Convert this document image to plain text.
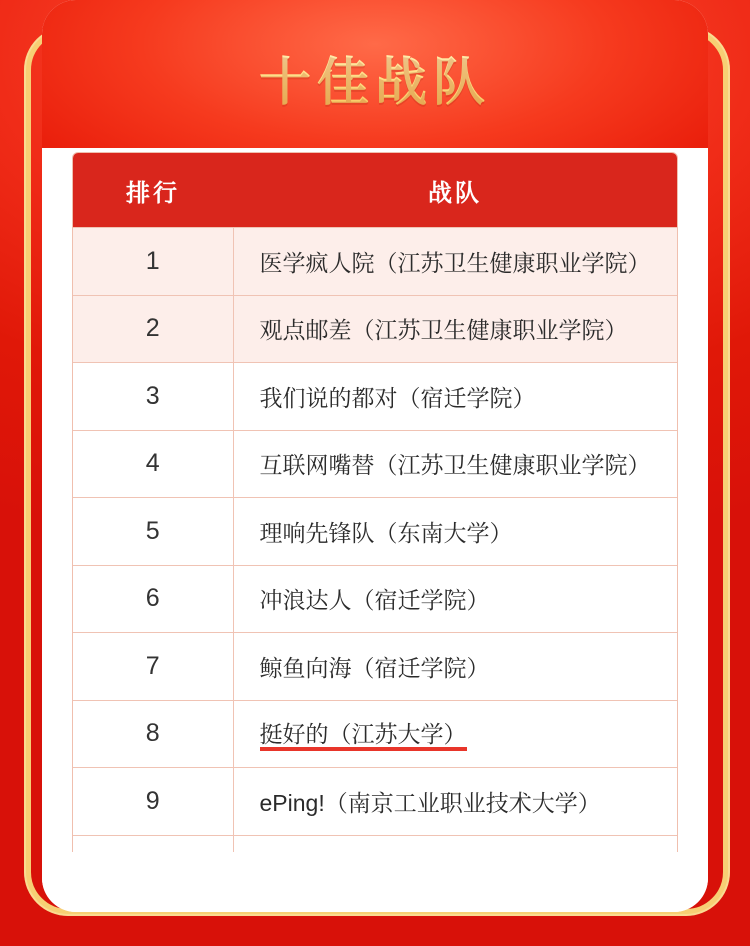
十佳战队
排行	战队
1	医学疯人院（江苏卫生健康职业学院）
2	观点邮差（江苏卫生健康职业学院）
3	我们说的都对（宿迁学院）
4	互联网嘴替（江苏卫生健康职业学院）
5	理响先锋队（东南大学）
6	冲浪达人（宿迁学院）
7	鲸鱼向海（宿迁学院）
8	挺好的（江苏大学）
9	ePing!（南京工业职业技术大学）
